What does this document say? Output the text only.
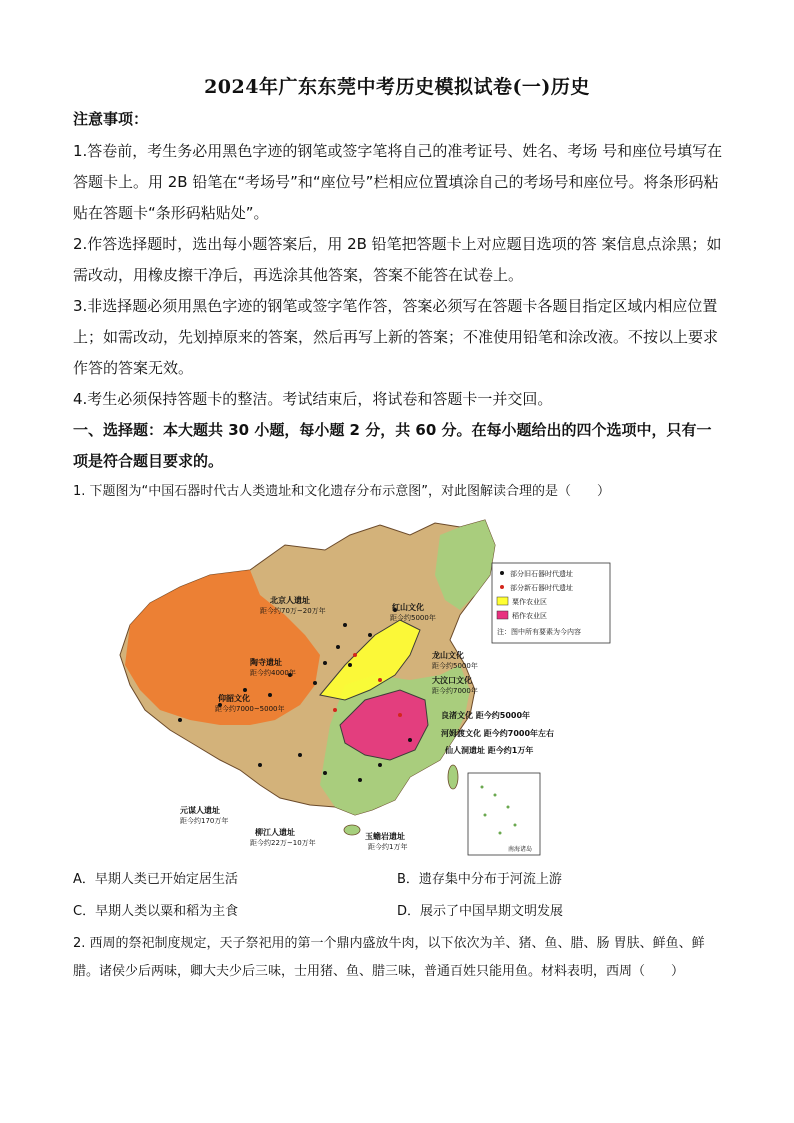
2024年广东东莞中考历史模拟试卷(一)历史
注意事项：
1.答卷前，考生务必用黑色字迹的钢笔或签字笔将自己的准考证号、姓名、考场 号和座位号填写在答题卡上。用 2B 铅笔在“考场号”和“座位号”栏相应位置填涂自己的考场号和座位号。将条形码粘贴在答题卡“条形码粘贴处”。
2.作答选择题时，选出每小题答案后，用 2B 铅笔把答题卡上对应题目选项的答 案信息点涂黑；如需改动，用橡皮擦干净后，再选涂其他答案，答案不能答在试卷上。
3.非选择题必须用黑色字迹的钢笔或签字笔作答，答案必须写在答题卡各题目指定区域内相应位置上；如需改动，先划掉原来的答案，然后再写上新的答案；不准使用铅笔和涂改液。不按以上要求作答的答案无效。
4.考生必须保持答题卡的整洁。考试结束后，将试卷和答题卡一并交回。
一、选择题：本大题共 30 小题，每小题 2 分，共 60 分。在每小题给出的四个选项中，只有一 项是符合题目要求的。
1. 下题图为“中国石器时代古人类遗址和文化遗存分布示意图”，对此图解读合理的是（　　）
部分旧石器时代遗址
部分新石器时代遗址
粟作农业区
稻作农业区
注：图中所有要素为今内容
北京人遗址
红山文化
龙山文化
大汶口文化
陶寺遗址
仰韶文化
良渚文化 距今约5000年
河姆渡文化 距今约7000年左右
仙人洞遗址 距今约1万年
元谋人遗址
柳江人遗址	玉蟾岩遗址
距今约70万~20万年
距今约5000年
距今约5000年
距今约7000年
距今约4000年
距今约7000~5000年
距今约170万年
距今约22万~10万年	距今约1万年	南海诸岛
A．早期人类已开始定居生活	B．遗存集中分布于河流上游
C．早期人类以粟和稻为主食	D．展示了中国早期文明发展
2. 西周的祭祀制度规定，天子祭祀用的第一个鼎内盛放牛肉，以下依次为羊、猪、鱼、腊、肠 胃肤、鲜鱼、鲜腊。诸侯少后两味，卿大夫少后三味，士用猪、鱼、腊三味，普通百姓只能用鱼。材料表明，西周（　　）
